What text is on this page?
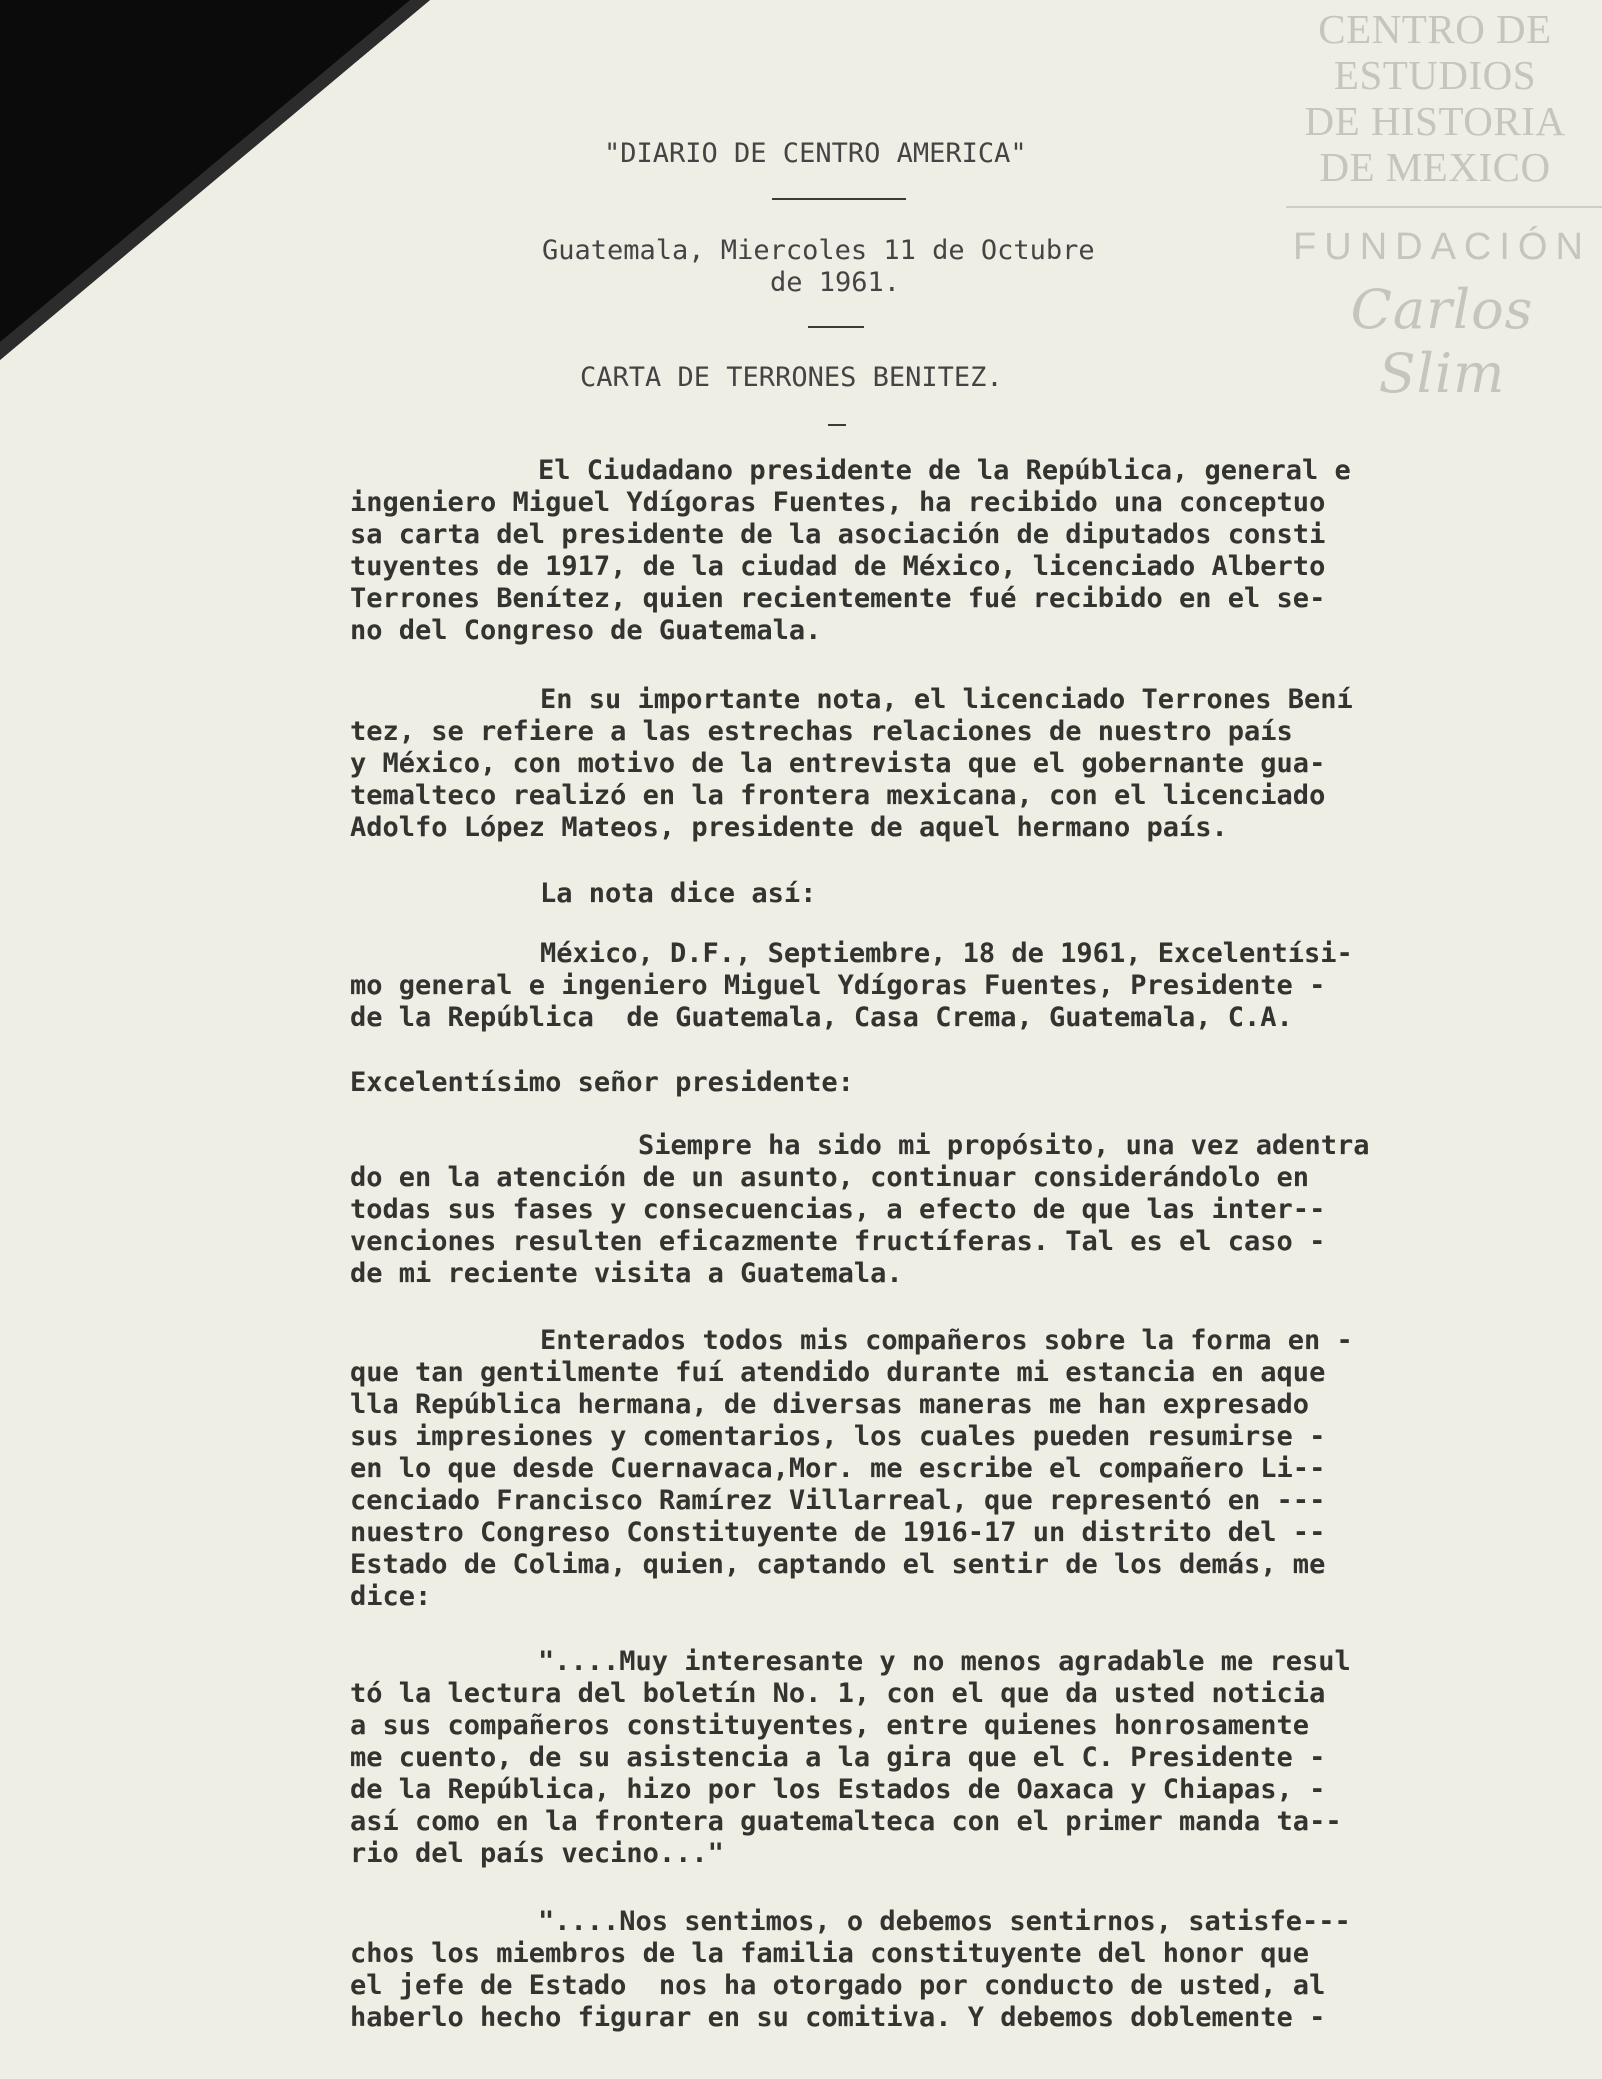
CENTRO DE
ESTUDIOS
DE HISTORIA
DE MEXICO
FUNDACIÓN
Carlos Slim
"DIARIO DE CENTRO AMERICA"
Guatemala, Miercoles 11 de Octubre
de 1961.
CARTA DE TERRONES BENITEZ.
El Ciudadano presidente de la República, general e
ingeniero Miguel Ydígoras Fuentes, ha recibido una conceptuo
sa carta del presidente de la asociación de diputados consti
tuyentes de 1917, de la ciudad de México, licenciado Alberto
Terrones Benítez, quien recientemente fué recibido en el se-
no del Congreso de Guatemala.
En su importante nota, el licenciado Terrones Bení
tez, se refiere a las estrechas relaciones de nuestro país
y México, con motivo de la entrevista que el gobernante gua-
temalteco realizó en la frontera mexicana, con el licenciado
Adolfo López Mateos, presidente de aquel hermano país.
La nota dice así:
México, D.F., Septiembre, 18 de 1961, Excelentísi-
mo general e ingeniero Miguel Ydígoras Fuentes, Presidente -
de la República  de Guatemala, Casa Crema, Guatemala, C.A.
Excelentísimo señor presidente:
Siempre ha sido mi propósito, una vez adentra
do en la atención de un asunto, continuar considerándolo en
todas sus fases y consecuencias, a efecto de que las inter--
venciones resulten eficazmente fructíferas. Tal es el caso -
de mi reciente visita a Guatemala.
Enterados todos mis compañeros sobre la forma en -
que tan gentilmente fuí atendido durante mi estancia en aque
lla República hermana, de diversas maneras me han expresado
sus impresiones y comentarios, los cuales pueden resumirse -
en lo que desde Cuernavaca,Mor. me escribe el compañero Li--
cenciado Francisco Ramírez Villarreal, que representó en ---
nuestro Congreso Constituyente de 1916-17 un distrito del --
Estado de Colima, quien, captando el sentir de los demás, me
dice:
"....Muy interesante y no menos agradable me resul
tó la lectura del boletín No. 1, con el que da usted noticia
a sus compañeros constituyentes, entre quienes honrosamente
me cuento, de su asistencia a la gira que el C. Presidente -
de la República, hizo por los Estados de Oaxaca y Chiapas, -
así como en la frontera guatemalteca con el primer manda ta--
rio del país vecino..."
"....Nos sentimos, o debemos sentirnos, satisfe---
chos los miembros de la familia constituyente del honor que
el jefe de Estado  nos ha otorgado por conducto de usted, al
haberlo hecho figurar en su comitiva. Y debemos doblemente -
